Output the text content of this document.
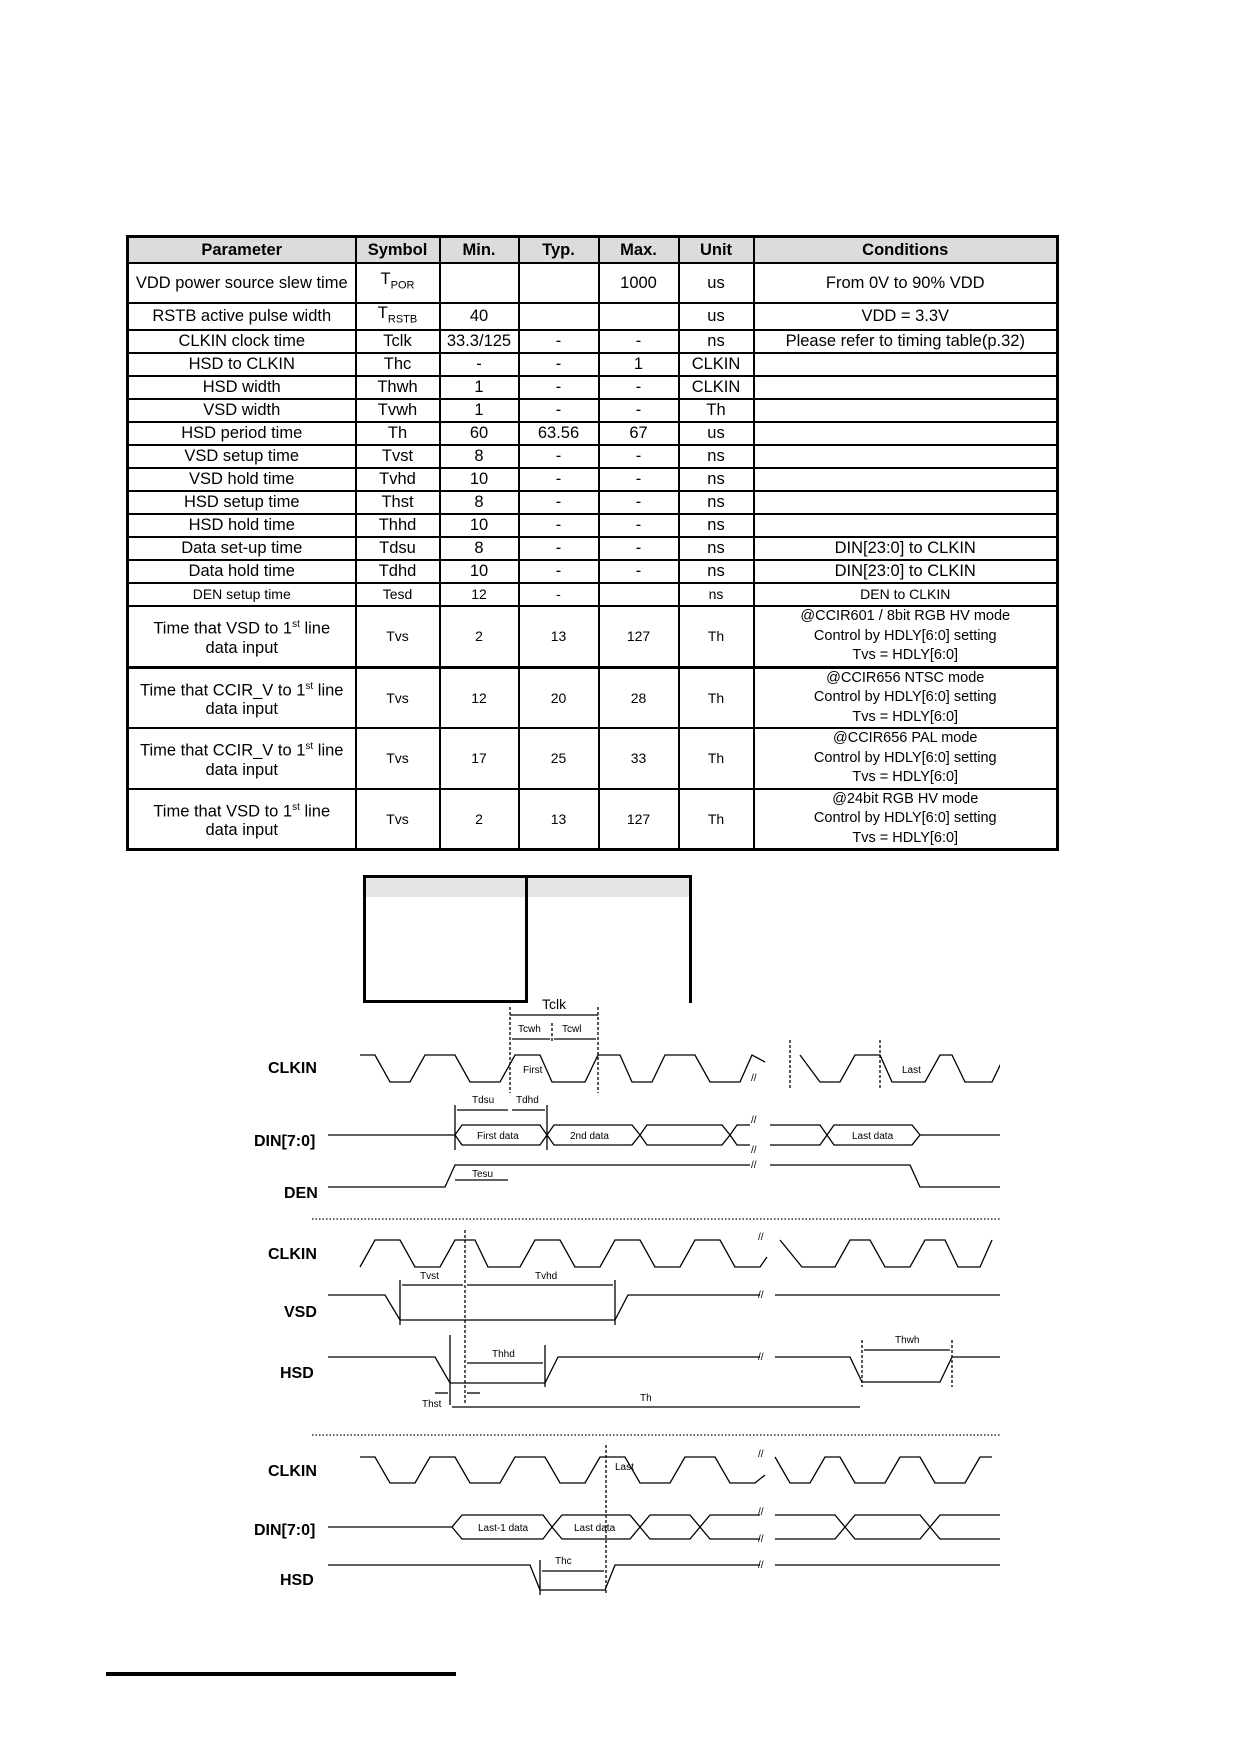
Parameter	Symbol	Min.	Typ.	Max.	Unit	Conditions
VDD power source slew time	$T_{POR}$			1000	us	From 0V to 90% VDD
RSTB active pulse width	$T_{RSTB}$	40			us	VDD = 3.3V
CLKIN clock time	Tclk	33.3/125	-	-	ns	Please refer to timing table(p.32)
HSD to CLKIN	Thc	-	-	1	CLKIN	
HSD width	Thwh	1	-	-	CLKIN	
VSD width	Tvwh	1	-	-	Th	
HSD period time	Th	60	63.56	67	us	
VSD setup time	Tvst	8	-	-	ns	
VSD hold time	Tvhd	10	-	-	ns	
HSD setup time	Thst	8	-	-	ns	
HSD hold time	Thhd	10	-	-	ns	
Data set-up time	Tdsu	8	-	-	ns	DIN[23:0] to CLKIN
Data hold time	Tdhd	10	-	-	ns	DIN[23:0] to CLKIN
DEN setup time	Tesd	12	-		ns	DEN to CLKIN
Time that VSD to 1st line
data input	Tvs	2	13	127	Th	@CCIR601 / 8bit RGB HV mode
Control by HDLY[6:0] setting
Tvs = HDLY[6:0]
Time that CCIR_V to 1st line
data input	Tvs	12	20	28	Th	@CCIR656 NTSC mode
Control by HDLY[6:0] setting
Tvs = HDLY[6:0]
Time that CCIR_V to 1st line
data input	Tvs	17	25	33	Th	@CCIR656 PAL mode
Control by HDLY[6:0] setting
Tvs = HDLY[6:0]
Time that VSD to 1st line
data input	Tvs	2	13	127	Th	@24bit RGB HV mode
Control by HDLY[6:0] setting
Tvs = HDLY[6:0]
CLKIN
DIN[7:0]
DEN
//
Tclk
Tcwh Tcwl
First	Last
//
//
First data	2nd data	Last data
Tdsu Tdhd
//
Tesu
CLKIN
VSD
HSD
//
//
Tvst	Tvhd
//
Thhd
Thwh
Thst
Th
CLKIN
DIN[7:0]
HSD
//
Last
//
//
Last-1 data	Last data
//
Thc
